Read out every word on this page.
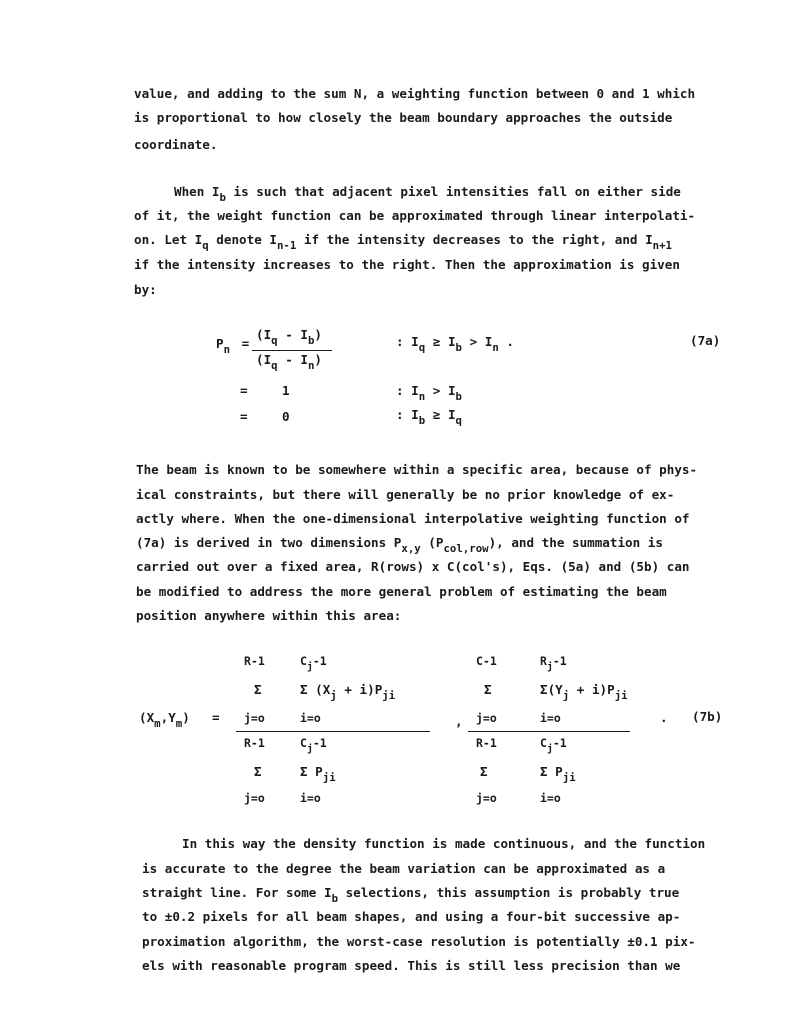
value, and adding to the sum N, a weighting function between 0 and 1 which
is proportional to how closely the beam boundary approaches the outside
coordinate.
When $I_b$ is such that adjacent pixel intensities fall on either side
of it, the weight function can be approximated through linear interpolati-
on. Let $I_q$ denote $I_{n-1}$ if the intensity decreases to the right, and $I_{n+1}$
if the intensity increases to the right. Then the approximation is given
by:
$P_n$ =
$(I_q - I_b)$
$(I_q - I_n)$
: $I_q \ge I_b > I_n$ .	(7a)
=	1	: $I_n > I_b$
=	0	: $I_b \ge I_q$
The beam is known to be somewhere within a specific area, because of phys-
ical constraints, but there will generally be no prior knowledge of ex-
actly where. When the one-dimensional interpolative weighting function of
(7a) is derived in two dimensions $P_{x,y}$ $(P_{col,row})$, and the summation is
carried out over a fixed area, R(rows) x C(col's), Eqs. (5a) and (5b) can
be modified to address the more general problem of estimating the beam
position anywhere within this area:
$(X_m,Y_m)$ =
R-1	$C_j-1$
Σ	Σ $(X_j + i)P_{ji}$
j=o	i=o
R-1	$C_j-1$
Σ	Σ $P_{ji}$
j=o	i=o
,
C-1	$R_j-1$
Σ	$\Sigma(Y_j + i)P_{ji}$
j=o	i=o
R-1	$C_j-1$
Σ	Σ $P_{ji}$
j=o	i=o
. (7b)
In this way the density function is made continuous, and the function
is accurate to the degree the beam variation can be approximated as a
straight line. For some $I_b$ selections, this assumption is probably true
to ±0.2 pixels for all beam shapes, and using a four-bit successive ap-
proximation algorithm, the worst-case resolution is potentially ±0.1 pix-
els with reasonable program speed. This is still less precision than we
